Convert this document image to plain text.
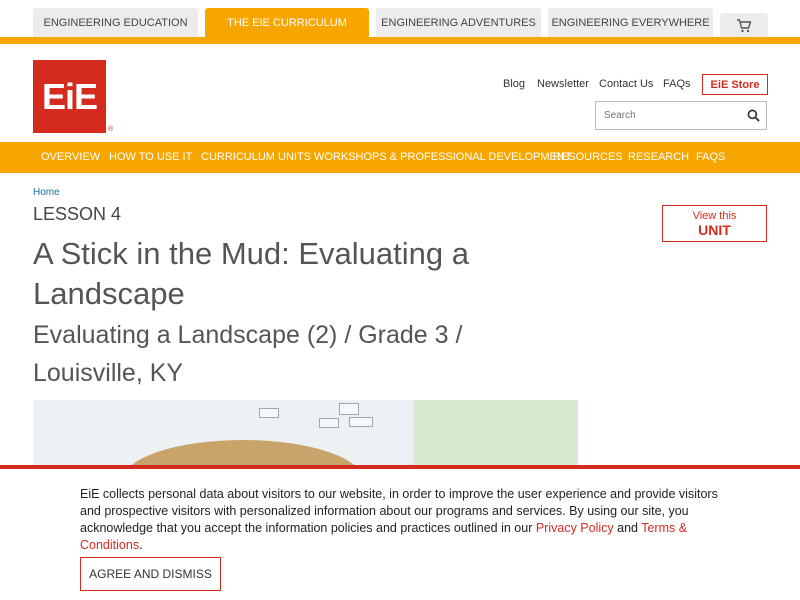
ENGINEERING EDUCATION	THE EIE CURRICULUM	ENGINEERING ADVENTURES	ENGINEERING EVERYWHERE
EiE
®
Blog Newsletter Contact Us FAQs	EiE Store
Search
OVERVIEW HOW TO USE IT CURRICULUM UNITS WORKSHOPS & PROFESSIONAL DEVELOPMENT
RESOURCES RESEARCH FAQS
Home
LESSON 4
A Stick in the Mud: Evaluating a Landscape
Evaluating a Landscape (2) / Grade 3 / Louisville, KY
View this
UNIT

EiE collects personal data about visitors to our website, in order to improve the user experience and provide visitors and prospective visitors with personalized information about our programs and services. By using our site, you acknowledge that you accept the information policies and practices outlined in our Privacy Policy and Terms & Conditions.

AGREE AND DISMISS
